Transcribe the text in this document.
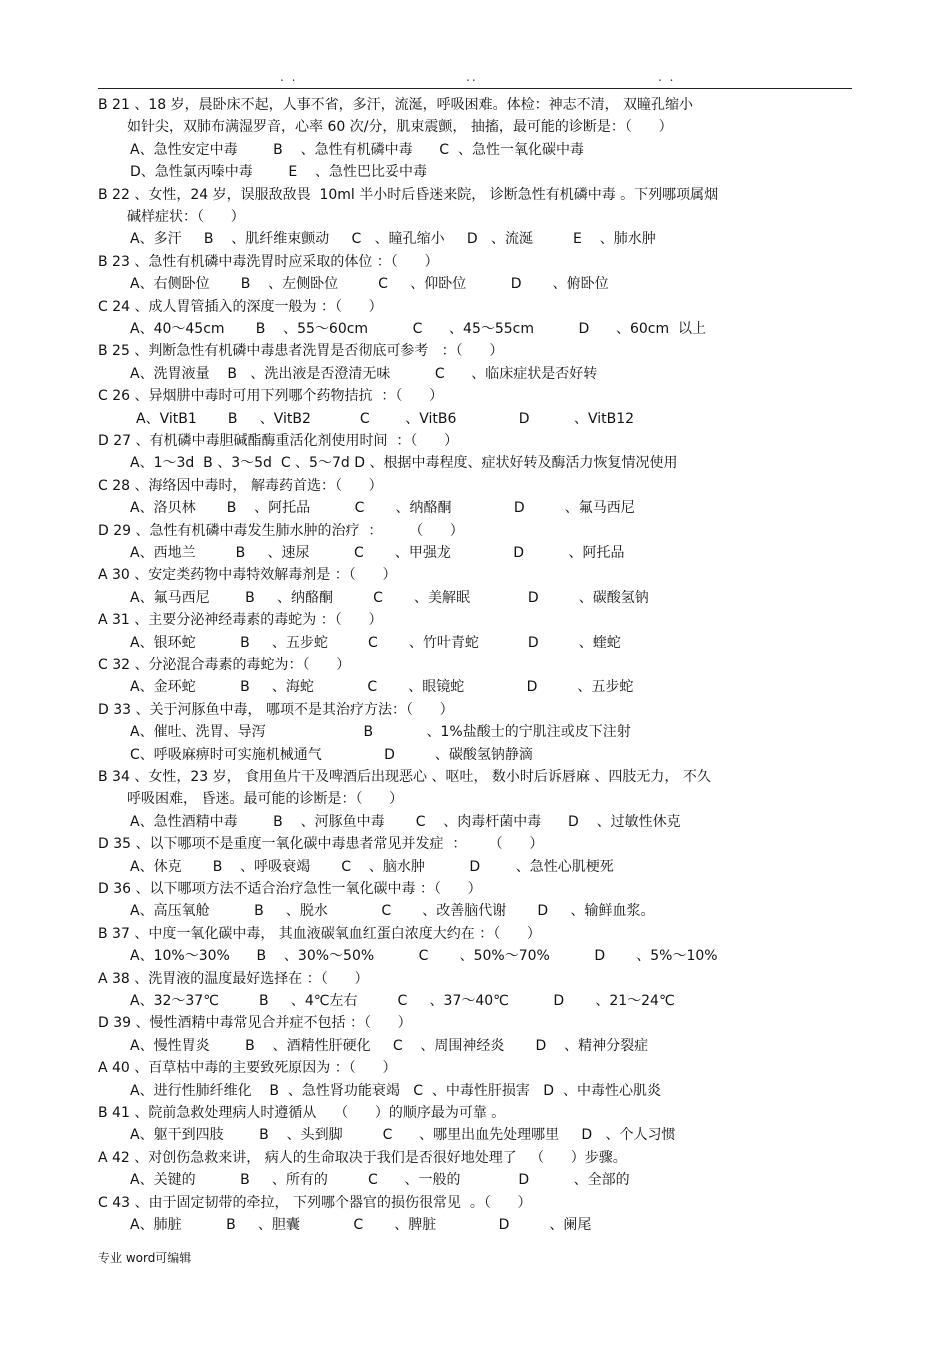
. .	..	. .
B 21 、18 岁，晨卧床不起，人事不省，多汗，流涎，呼吸困难。体检：神志不清， 双瞳孔缩小
如针尖，双肺布满湿罗音，心率 60 次/分，肌束震颤， 抽搐，最可能的诊断是：（      ）
A、急性安定中毒        B    、急性有机磷中毒      C  、急性一氧化碳中毒
D、急性氯丙嗪中毒        E    、急性巴比妥中毒
B 22 、女性，24 岁，误服敌敌畏  10ml 半小时后昏迷来院， 诊断急性有机磷中毒 。下列哪项属烟
碱样症状：（      ）
A、多汗     B    、肌纤维束颤动     C   、瞳孔缩小     D   、流涎         E    、肺水肿
B 23 、急性有机磷中毒洗胃时应采取的体位 ：（      ）
A、右侧卧位       B    、左侧卧位         C     、仰卧位          D       、俯卧位
C 24 、成人胃管插入的深度一般为 ：（      ）
A、40～45cm       B    、55～60cm          C      、45～55cm          D      、60cm  以上
B 25 、判断急性有机磷中毒患者洗胃是否彻底可参考   ：（      ）
A、洗胃液量    B   、洗出液是否澄清无味          C      、临床症状是否好转
C 26 、异烟肼中毒时可用下列哪个药物拮抗  ：（      ）
A、VitB1       B     、VitB2           C        、VitB6              D          、VitB12
D 27 、有机磷中毒胆碱酯酶重活化剂使用时间  ：（      ）
A、1～3d  B 、3～5d  C 、5～7d D 、根据中毒程度、症状好转及酶活力恢复情况使用
C 28 、海络因中毒时， 解毒药首选：（      ）
A、洛贝林       B    、阿托品          C       、纳酪酮              D         、氟马西尼
D 29 、急性有机磷中毒发生肺水肿的治疗  ：      （      ）
A、西地兰         B     、速尿          C       、甲强龙              D          、阿托品
A 30 、安定类药物中毒特效解毒剂是 ：（      ）
A、氟马西尼        B     、纳酪酮         C       、美解眠             D         、碳酸氢钠
A 31 、主要分泌神经毒素的毒蛇为 ：（      ）
A、银环蛇          B     、五步蛇         C       、竹叶青蛇           D         、蝰蛇
C 32 、分泌混合毒素的毒蛇为：（      ）
A、金环蛇          B     、海蛇            C       、眼镜蛇              D         、五步蛇
D 33 、关于河豚鱼中毒， 哪项不是其治疗方法：（      ）
A、催吐、洗胃、导泻                      B            、1%盐酸士的宁肌注或皮下注射
C、呼吸麻痹时可实施机械通气              D         、碳酸氢钠静滴
B 34 、女性，23 岁， 食用鱼片干及啤酒后出现恶心 、呕吐， 数小时后诉唇麻 、四肢无力， 不久
呼吸困难， 昏迷。最可能的诊断是：（      ）
A、急性酒精中毒        B    、河豚鱼中毒       C    、肉毒杆菌中毒      D    、过敏性休克
D 35 、以下哪项不是重度一氧化碳中毒患者常见并发症  ：     （      ）
A、休克       B    、呼吸衰竭       C    、脑水肿          D        、急性心肌梗死
D 36 、以下哪项方法不适合治疗急性一氧化碳中毒 ：（      ）
A、高压氧舱          B     、脱水            C       、改善脑代谢       D     、输鲜血浆。
B 37 、中度一氧化碳中毒， 其血液碳氧血红蛋白浓度大约在 ：（      ）
A、10%～30%      B    、30%～50%          C       、50%～70%          D       、5%～10%
A 38 、洗胃液的温度最好选择在 ：（      ）
A、32～37℃         B     、4℃左右         C     、37～40℃          D       、21～24℃
D 39 、慢性酒精中毒常见合并症不包括 ：（      ）
A、慢性胃炎        B    、酒精性肝硬化     C    、周围神经炎       D    、精神分裂症
A 40 、百草枯中毒的主要致死原因为 ：（      ）
A、进行性肺纤维化    B  、急性肾功能衰竭   C  、中毒性肝损害   D  、中毒性心肌炎
B 41 、院前急救处理病人时遵循从    （      ）的顺序最为可靠 。
A、躯干到四肢        B    、头到脚         C      、哪里出血先处理哪里     D   、个人习惯
A 42 、对创伤急救来讲， 病人的生命取决于我们是否很好地处理了   （      ）步骤。
A、关键的          B     、所有的         C      、一般的             D          、全部的
C 43 、由于固定韧带的牵拉， 下列哪个器官的损伤很常见  。（      ）
A、肺脏          B     、胆囊            C       、脾脏              D         、阑尾
专业 word可编辑
